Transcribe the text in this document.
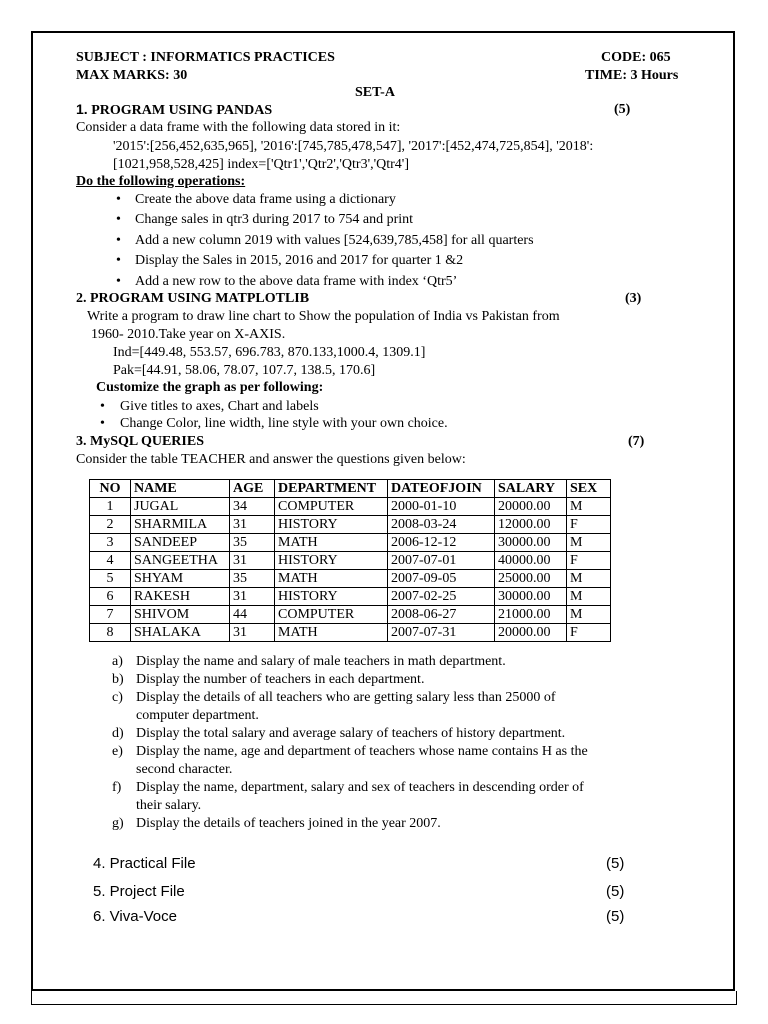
SUBJECT : INFORMATICS PRACTICES	CODE: 065
MAX MARKS: 30	TIME: 3 Hours
SET-A
1. PROGRAM USING PANDAS	(5)
Consider a data frame with the following data stored in it:
'2015':[256,452,635,965], '2016':[745,785,478,547], '2017':[452,474,725,854], '2018':
[1021,958,528,425] index=['Qtr1','Qtr2','Qtr3','Qtr4']
Do the following operations:
• Create the above data frame using a dictionary
• Change sales in qtr3 during 2017 to 754 and print
• Add a new column 2019 with values [524,639,785,458] for all quarters
• Display the Sales in 2015, 2016 and 2017 for quarter 1 &2
• Add a new row to the above data frame with index ‘Qtr5’
2. PROGRAM USING MATPLOTLIB	(3)
Write a program to draw line chart to Show the population of India vs Pakistan from
1960- 2010.Take year on X-AXIS.
Ind=[449.48, 553.57, 696.783, 870.133,1000.4, 1309.1]
Pak=[44.91, 58.06, 78.07, 107.7, 138.5, 170.6]
Customize the graph as per following:
• Give titles to axes, Chart and labels
• Change Color, line width, line style with your own choice.
3. MySQL QUERIES	(7)
Consider the table TEACHER and answer the questions given below:
NO	NAME	AGE	DEPARTMENT	DATEOFJOIN	SALARY	SEX
1	JUGAL	34	COMPUTER	2000-01-10	20000.00	M
2	SHARMILA	31	HISTORY	2008-03-24	12000.00	F
3	SANDEEP	35	MATH	2006-12-12	30000.00	M
4	SANGEETHA	31	HISTORY	2007-07-01	40000.00	F
5	SHYAM	35	MATH	2007-09-05	25000.00	M
6	RAKESH	31	HISTORY	2007-02-25	30000.00	M
7	SHIVOM	44	COMPUTER	2008-06-27	21000.00	M
8	SHALAKA	31	MATH	2007-07-31	20000.00	F
a) Display the name and salary of male teachers in math department.
b) Display the number of teachers in each department.
c) Display the details of all teachers who are getting salary less than 25000 of
computer department.
d) Display the total salary and average salary of teachers of history department.
e) Display the name, age and department of teachers whose name contains H as the
second character.
f) Display the name, department, salary and sex of teachers in descending order of
their salary.
g) Display the details of teachers joined in the year 2007.
4. Practical File	(5)
5. Project File	(5)
6. Viva-Voce	(5)
